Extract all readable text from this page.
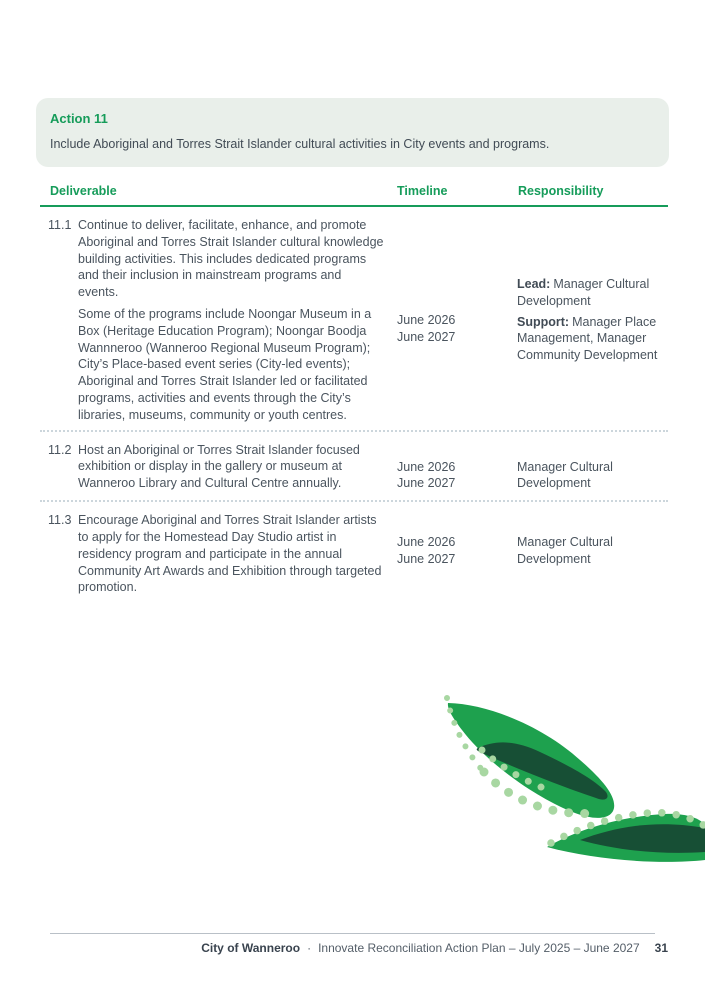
Action 11
Include Aboriginal and Torres Strait Islander cultural activities in City events and programs.
Deliverable	Timeline	Responsibility
11.1 Continue to deliver, facilitate, enhance, and promote Aboriginal and Torres Strait Islander cultural knowledge building activities. This includes dedicated programs and their inclusion in mainstream programs and events.

Some of the programs include Noongar Museum in a Box (Heritage Education Program); Noongar Boodja Wannneroo (Wanneroo Regional Museum Program); City’s Place-based event series (City-led events); Aboriginal and Torres Strait Islander led or facilitated programs, activities and events through the City’s libraries, museums, community or youth centres.

June 2026
June 2027

Lead: Manager Cultural Development

Support: Manager Place Management, Manager Community Development

11.2 Host an Aboriginal or Torres Strait Islander focused exhibition or display in the gallery or museum at Wanneroo Library and Cultural Centre annually.

June 2026
June 2027

Manager Cultural Development

11.3 Encourage Aboriginal and Torres Strait Islander artists to apply for the Homestead Day Studio artist in residency program and participate in the annual Community Art Awards and Exhibition through targeted promotion.

June 2026
June 2027

Manager Cultural Development

City of Wanneroo · Innovate Reconciliation Action Plan – July 2025 – June 2027 31
